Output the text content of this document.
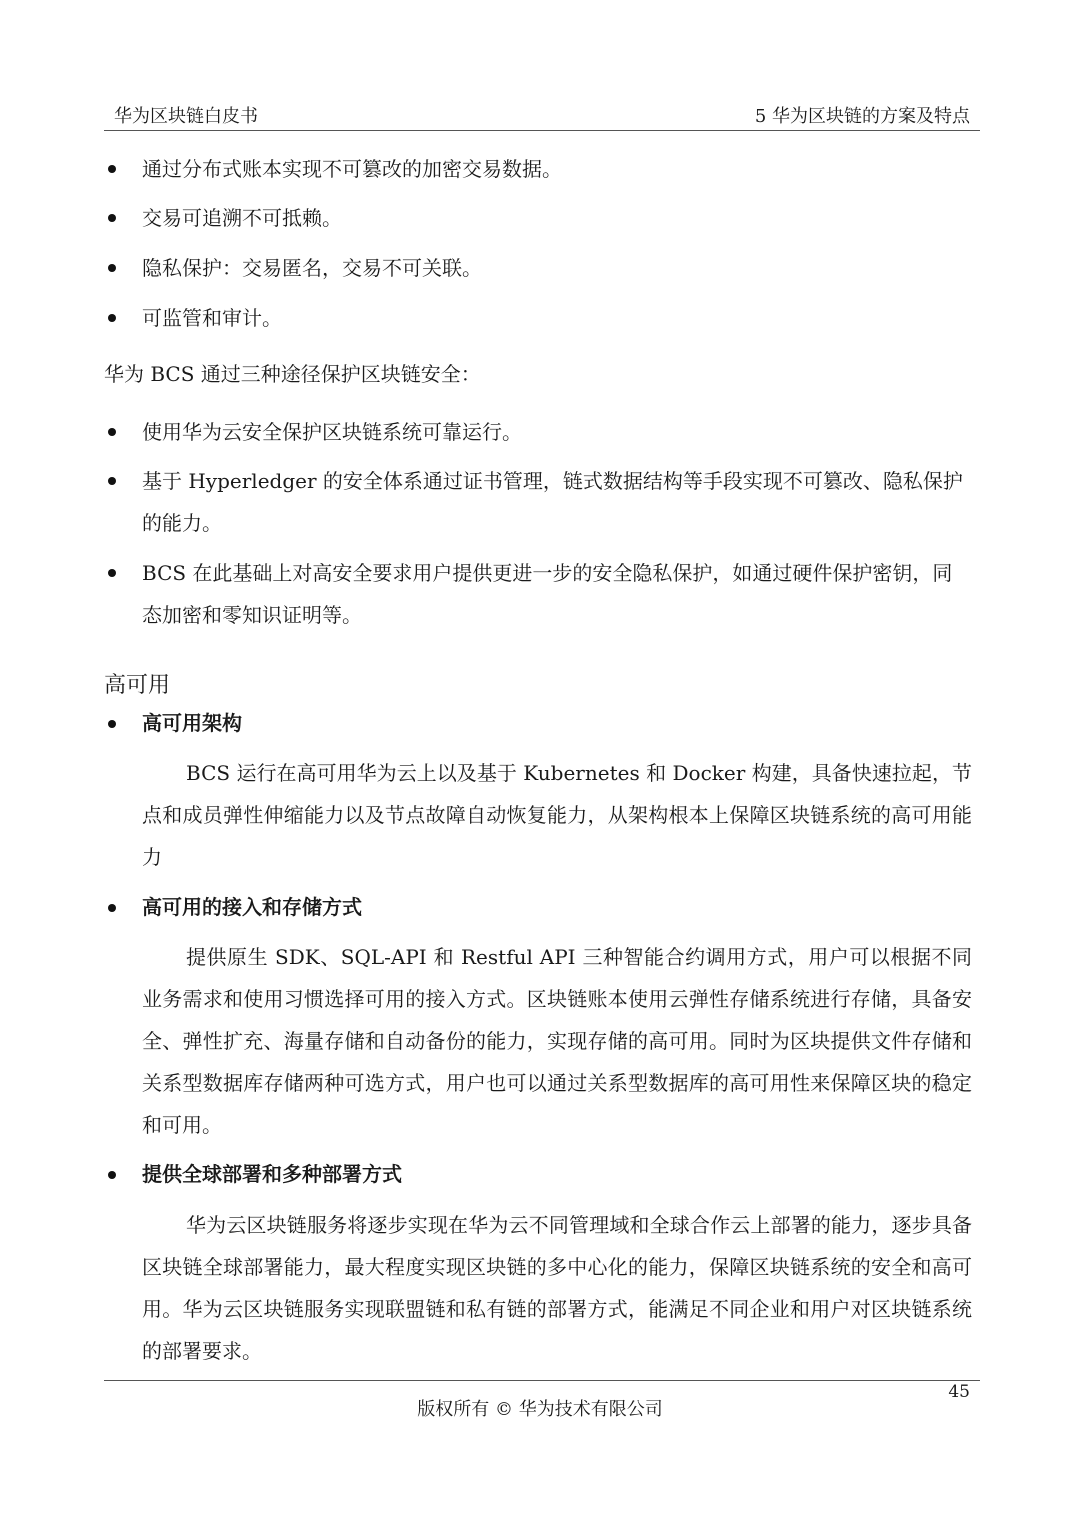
华为区块链白皮书	5 华为区块链的方案及特点
通过分布式账本实现不可篡改的加密交易数据。
交易可追溯不可抵赖。
隐私保护：交易匿名，交易不可关联。
可监管和审计。
华为 BCS 通过三种途径保护区块链安全：
使用华为云安全保护区块链系统可靠运行。
基于 Hyperledger 的安全体系通过证书管理，链式数据结构等手段实现不可篡改、隐私保护的能力。
BCS 在此基础上对高安全要求用户提供更进一步的安全隐私保护，如通过硬件保护密钥，同态加密和零知识证明等。
高可用
高可用架构
BCS 运行在高可用华为云上以及基于 Kubernetes 和 Docker 构建，具备快速拉起，节点和成员弹性伸缩能力以及节点故障自动恢复能力，从架构根本上保障区块链系统的高可用能力
高可用的接入和存储方式
提供原生 SDK、SQL-API 和 Restful API 三种智能合约调用方式，用户可以根据不同业务需求和使用习惯选择可用的接入方式。区块链账本使用云弹性存储系统进行存储，具备安全、弹性扩充、海量存储和自动备份的能力，实现存储的高可用。同时为区块提供文件存储和关系型数据库存储两种可选方式，用户也可以通过关系型数据库的高可用性来保障区块的稳定和可用。
提供全球部署和多种部署方式
华为云区块链服务将逐步实现在华为云不同管理域和全球合作云上部署的能力，逐步具备区块链全球部署能力，最大程度实现区块链的多中心化的能力，保障区块链系统的安全和高可用。华为云区块链服务实现联盟链和私有链的部署方式，能满足不同企业和用户对区块链系统的部署要求。
45
版权所有 © 华为技术有限公司
